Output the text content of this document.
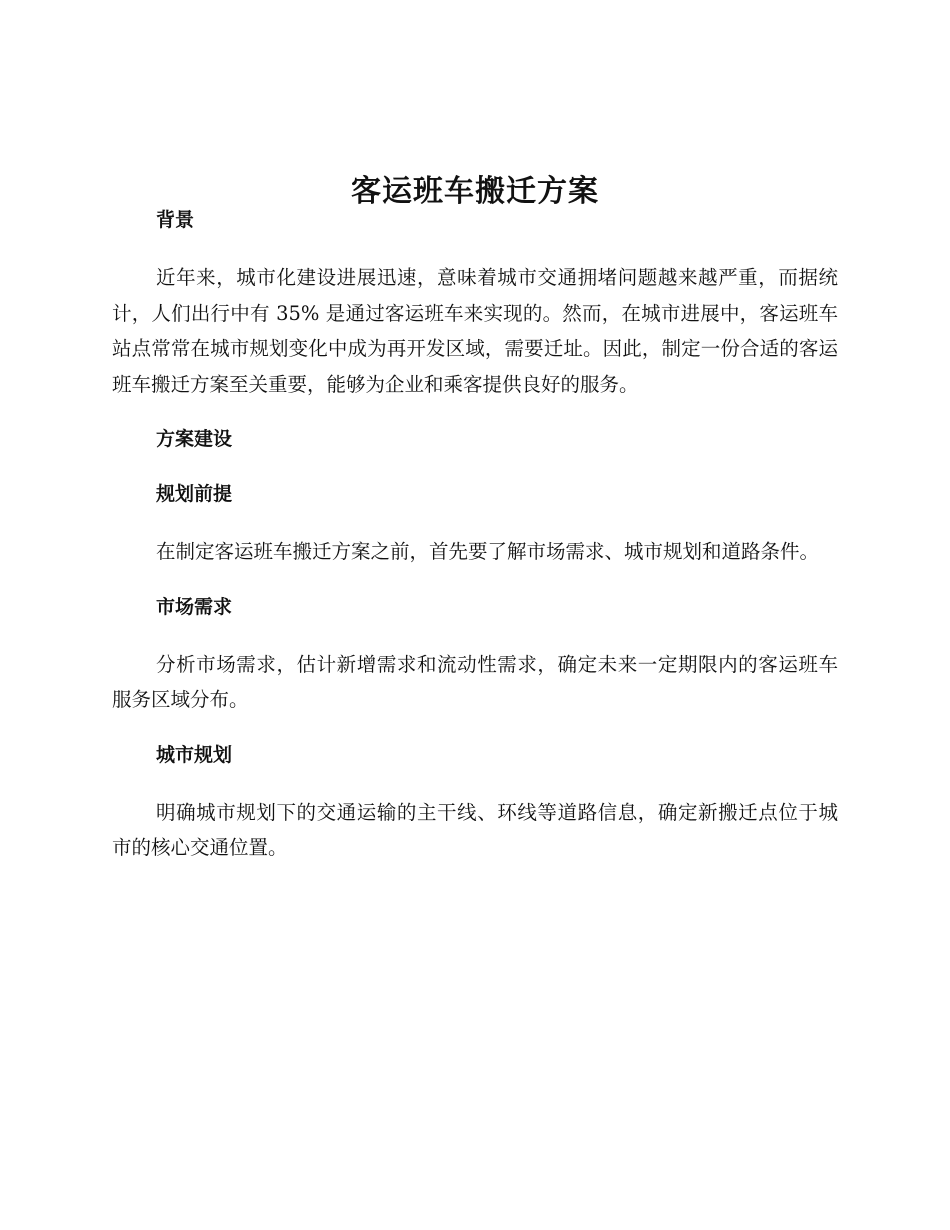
客运班车搬迁方案
背景

近年来，城市化建设进展迅速，意味着城市交通拥堵问题越来越严重，而据统计，人们出行中有 35% 是通过客运班车来实现的。然而，在城市进展中，客运班车站点常常在城市规划变化中成为再开发区域，需要迁址。因此，制定一份合适的客运班车搬迁方案至关重要，能够为企业和乘客提供良好的服务。

方案建设
规划前提

在制定客运班车搬迁方案之前，首先要了解市场需求、城市规划和道路条件。

市场需求

分析市场需求，估计新增需求和流动性需求，确定未来一定期限内的客运班车服务区域分布。

城市规划

明确城市规划下的交通运输的主干线、环线等道路信息，确定新搬迁点位于城市的核心交通位置。
